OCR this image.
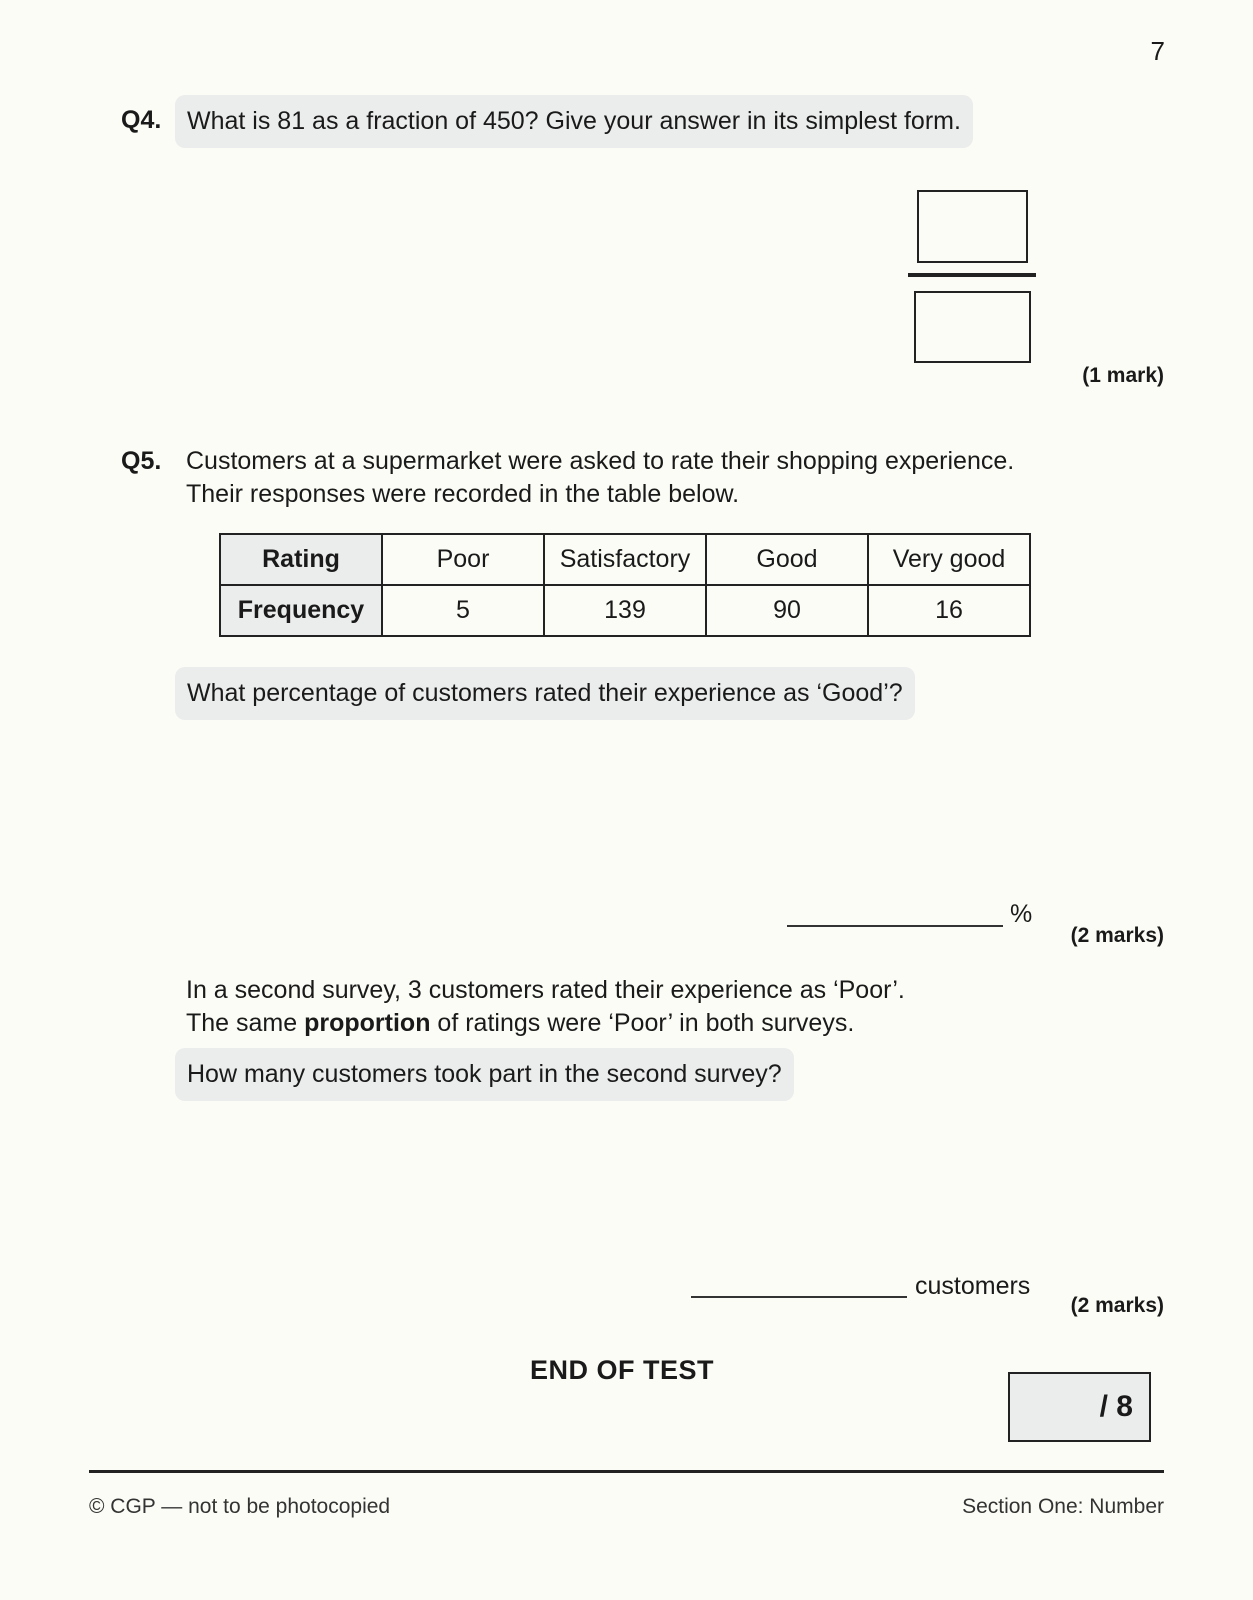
7
Q4.	What is 81 as a fraction of 450? Give your answer in its simplest form.
(1 mark)
Q5. Customers at a supermarket were asked to rate their shopping experience.
Their responses were recorded in the table below.
Rating	Poor	Satisfactory	Good	Very good
Frequency	5	139	90	16
What percentage of customers rated their experience as ‘Good’?
%
(2 marks)
In a second survey, 3 customers rated their experience as ‘Poor’.
The same proportion of ratings were ‘Poor’ in both surveys.
How many customers took part in the second survey?
customers
(2 marks)
END OF TEST
/ 8
© CGP — not to be photocopied	Section One: Number
